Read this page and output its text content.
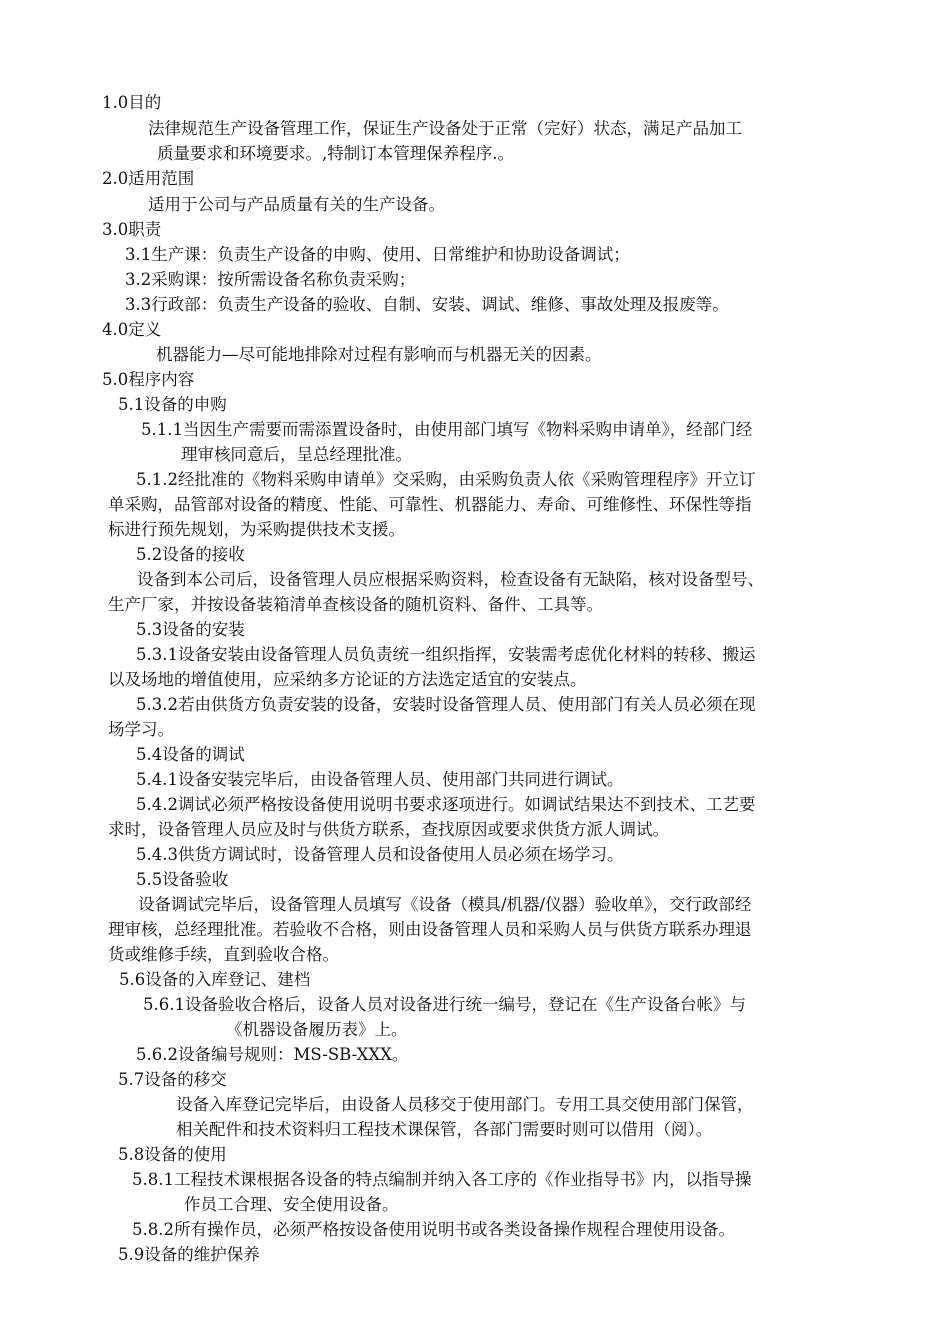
1.0目的
法律规范生产设备管理工作，保证生产设备处于正常（完好）状态，满足产品加工
质量要求和环境要求。,特制订本管理保养程序.。
2.0适用范围
适用于公司与产品质量有关的生产设备。
3.0职责
3.1生产课：负责生产设备的申购、使用、日常维护和协助设备调试；
3.2采购课：按所需设备名称负责采购；
3.3行政部：负责生产设备的验收、自制、安装、调试、维修、事故处理及报废等。
4.0定义
机器能力—尽可能地排除对过程有影响而与机器无关的因素。
5.0程序内容
5.1设备的申购
5.1.1当因生产需要而需添置设备时，由使用部门填写《物料采购申请单》，经部门经
理审核同意后，呈总经理批准。
5.1.2经批准的《物料采购申请单》交采购，由采购负责人依《采购管理程序》开立订
单采购，品管部对设备的精度、性能、可靠性、机器能力、寿命、可维修性、环保性等指
标进行预先规划，为采购提供技术支援。
5.2设备的接收
设备到本公司后，设备管理人员应根据采购资料，检查设备有无缺陷，核对设备型号、
生产厂家，并按设备装箱清单查核设备的随机资料、备件、工具等。
5.3设备的安装
5.3.1设备安装由设备管理人员负责统一组织指挥，安装需考虑优化材料的转移、搬运
以及场地的增值使用，应采纳多方论证的方法选定适宜的安装点。
5.3.2若由供货方负责安装的设备，安装时设备管理人员、使用部门有关人员必须在现
场学习。
5.4设备的调试
5.4.1设备安装完毕后，由设备管理人员、使用部门共同进行调试。
5.4.2调试必须严格按设备使用说明书要求逐项进行。如调试结果达不到技术、工艺要
求时，设备管理人员应及时与供货方联系，查找原因或要求供货方派人调试。
5.4.3供货方调试时，设备管理人员和设备使用人员必须在场学习。
5.5设备验收
设备调试完毕后，设备管理人员填写《设备（模具/机器/仪器）验收单》，交行政部经
理审核，总经理批准。若验收不合格，则由设备管理人员和采购人员与供货方联系办理退
货或维修手续，直到验收合格。
5.6设备的入库登记、建档
5.6.1设备验收合格后，设备人员对设备进行统一编号，登记在《生产设备台帐》与
《机器设备履历表》上。
5.6.2设备编号规则：MS-SB-XXX。
5.7设备的移交
设备入库登记完毕后，由设备人员移交于使用部门。专用工具交使用部门保管，
相关配件和技术资料归工程技术课保管，各部门需要时则可以借用（阅）。
5.8设备的使用
5.8.1工程技术课根据各设备的特点编制并纳入各工序的《作业指导书》内，以指导操
作员工合理、安全使用设备。
5.8.2所有操作员，必须严格按设备使用说明书或各类设备操作规程合理使用设备。
5.9设备的维护保养
